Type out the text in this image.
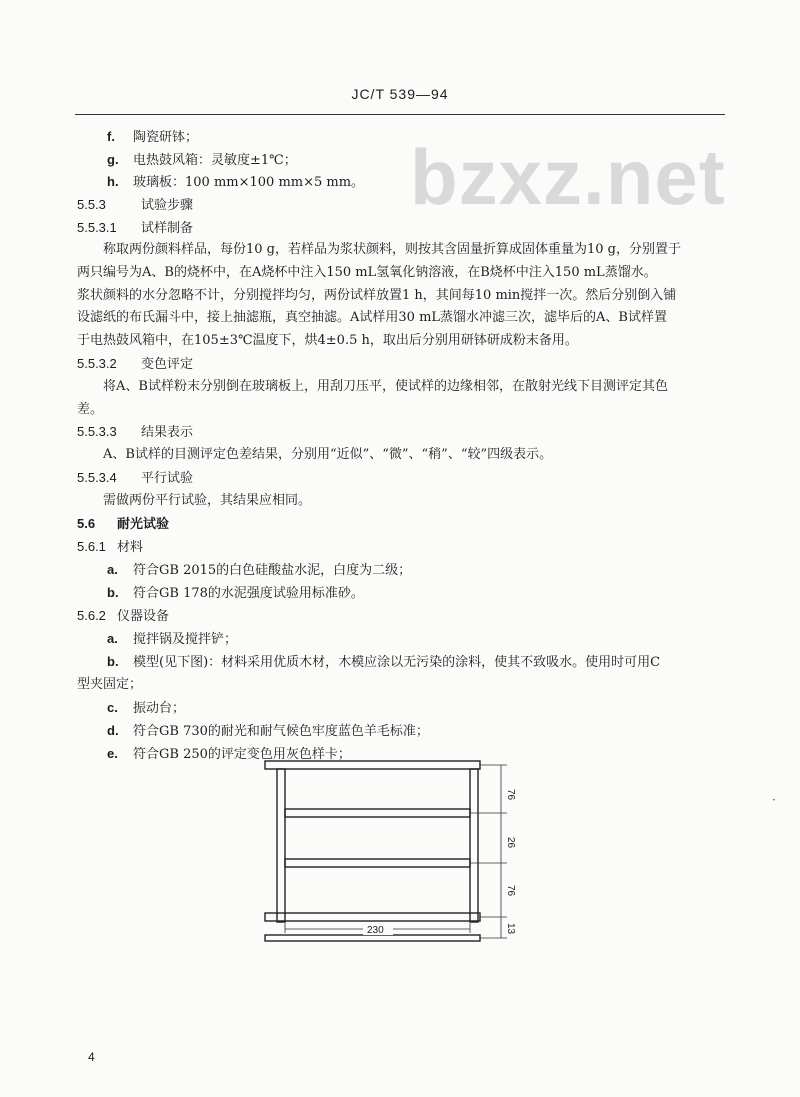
JC/T 539—94
bzxz.net
f. 陶瓷研钵；
g. 电热鼓风箱：灵敏度±1℃；
h. 玻璃板：100 mm×100 mm×5 mm。
5.5.3	试验步骤
5.5.3.1 试样制备
称取两份颜料样品，每份10 g，若样品为浆状颜料，则按其含固量折算成固体重量为10 g，分别置于
两只编号为A、B的烧杯中，在A烧杯中注入150 mL氢氧化钠溶液，在B烧杯中注入150 mL蒸馏水。
浆状颜料的水分忽略不计，分别搅拌均匀，两份试样放置1 h，其间每10 min搅拌一次。然后分别倒入铺
设滤纸的布氏漏斗中，接上抽滤瓶，真空抽滤。A试样用30 mL蒸馏水冲滤三次，滤毕后的A、B试样置
于电热鼓风箱中，在105±3℃温度下，烘4±0.5 h，取出后分别用研钵研成粉末备用。
5.5.3.2 变色评定
将A、B试样粉末分别倒在玻璃板上，用刮刀压平，使试样的边缘相邻，在散射光线下目测评定其色
差。
5.5.3.3 结果表示
A、B试样的目测评定色差结果，分别用“近似”、“微”、“稍”、“较”四级表示。
5.5.3.4 平行试验
需做两份平行试验，其结果应相同。
5.6 耐光试验
5.6.1 材料
a. 符合GB 2015的白色硅酸盐水泥，白度为二级；
b. 符合GB 178的水泥强度试验用标准砂。
5.6.2 仪器设备
a. 搅拌锅及搅拌铲；
b. 模型(见下图)：材料采用优质木材，木模应涂以无污染的涂料，使其不致吸水。使用时可用C
型夹固定；
c. 振动台；
d. 符合GB 730的耐光和耐气候色牢度蓝色羊毛标准；
e. 符合GB 250的评定变色用灰色样卡；
76
26
76
13
230
·
4
